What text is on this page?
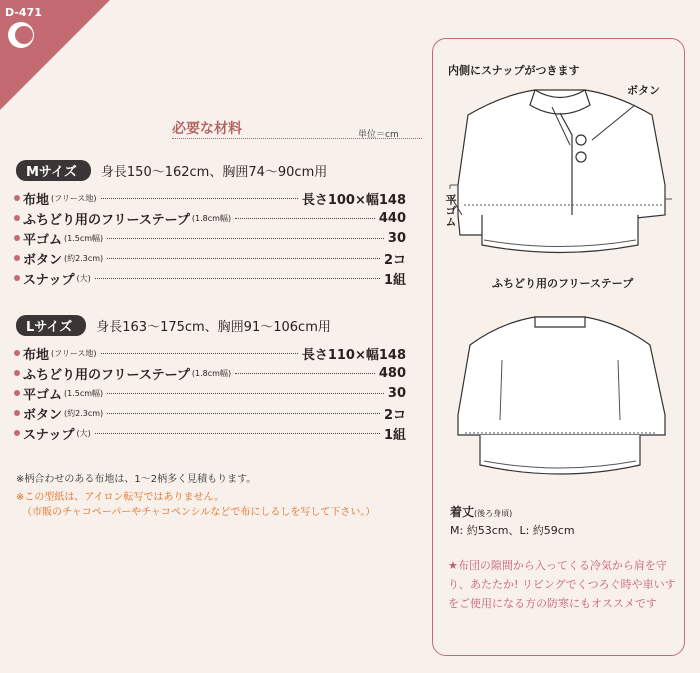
D-471
必要な材料	単位＝cm
Mサイズ	身長150～162cm、胸囲74～90cm用
布地 (フリース地)	長さ100×幅148
ふちどり用のフリーステープ (1.8cm幅)	440
平ゴム (1.5cm幅)	30
ボタン (約2.3cm)	2コ
スナップ (大)	1組
Lサイズ	身長163～175cm、胸囲91～106cm用
布地 (フリース地)	長さ110×幅148
ふちどり用のフリーステープ (1.8cm幅)	480
平ゴム (1.5cm幅)	30
ボタン (約2.3cm)	2コ
スナップ (大)	1組
※柄合わせのある布地は、1～2柄多く見積もります。
※この型紙は、アイロン転写ではありません。
（市販のチャコペーパーやチャコペンシルなどで布にしるしを写して下さい。）
内側にスナップがつきます
ボタン
平ゴム
ふちどり用のフリーステープ
着丈(後ろ身頃)
M: 約53cm、L: 約59cm
★布団の隙間から入ってくる冷気から肩を守り、あたたか! リビングでくつろぐ時や車いすをご使用になる方の防寒にもオススメです
